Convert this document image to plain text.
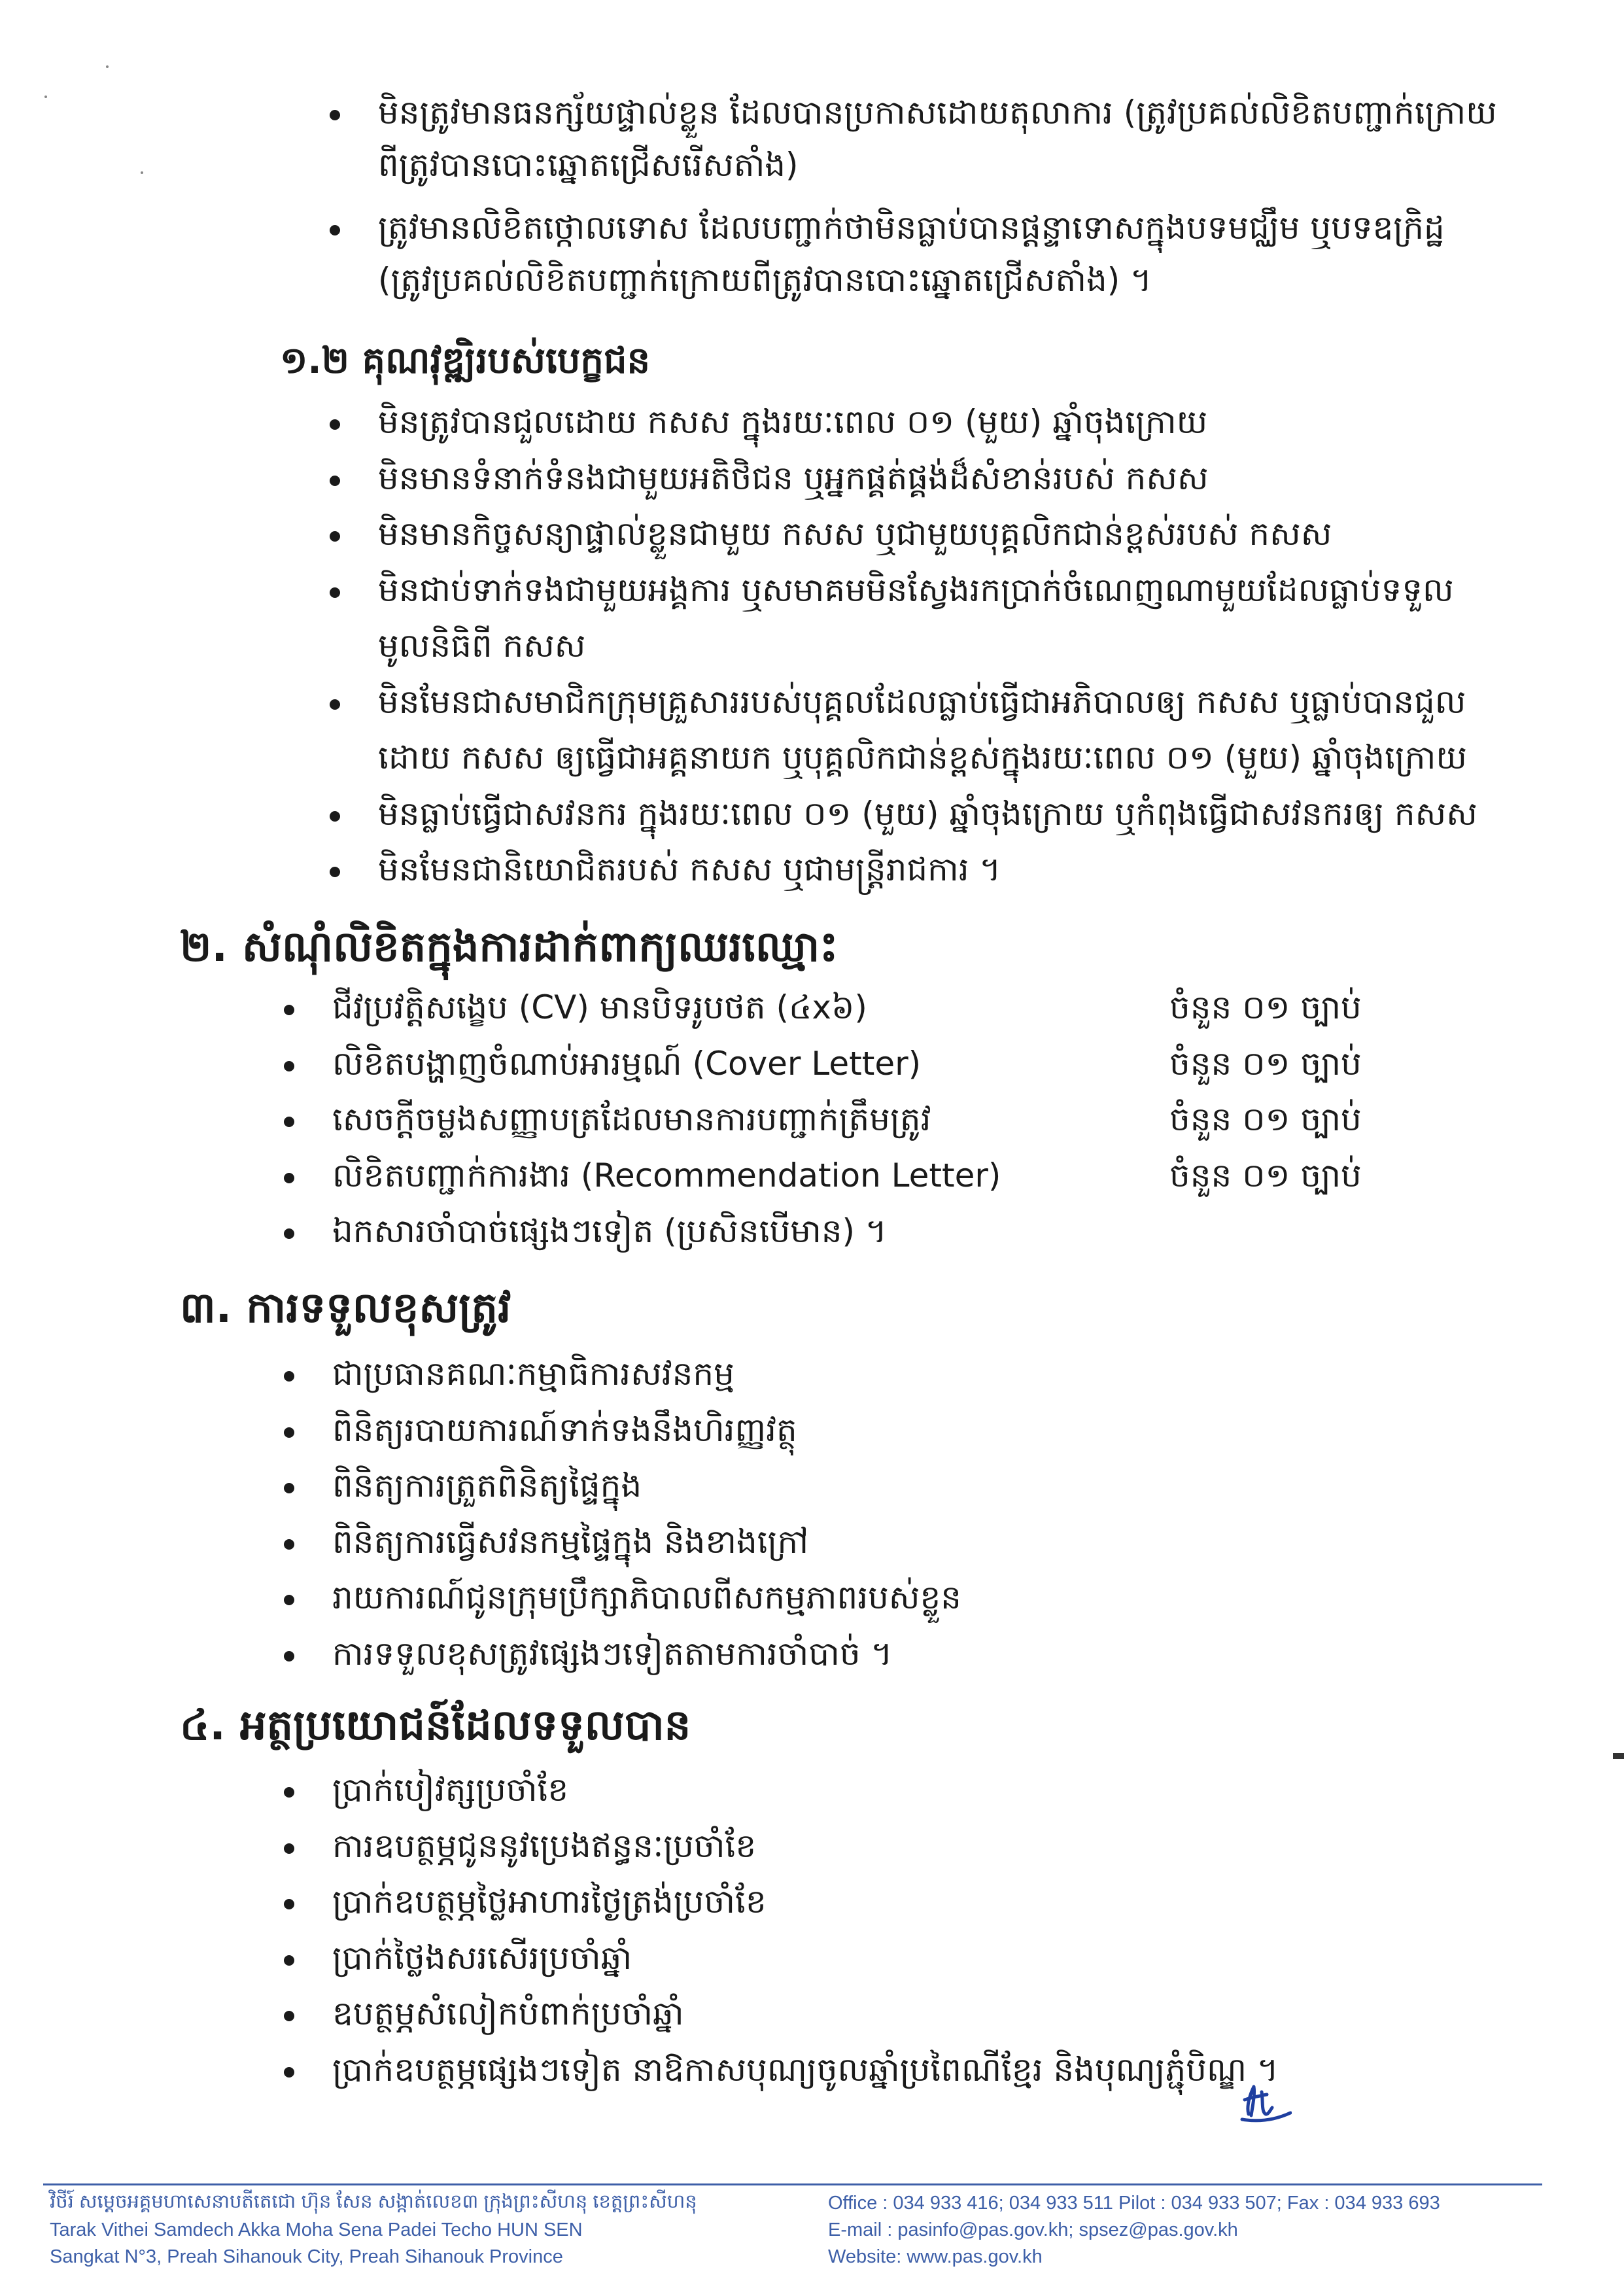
មិនត្រូវមានធនក្ស័យផ្ទាល់ខ្លួន ដែលបានប្រកាសដោយតុលាការ (ត្រូវប្រគល់លិខិតបញ្ជាក់ក្រោយ
ពីត្រូវបានបោះឆ្នោតជ្រើសរើសតាំង)
ត្រូវមានលិខិតថ្កោលទោស ដែលបញ្ជាក់ថាមិនធ្លាប់បានផ្តន្ទាទោសក្នុងបទមជ្ឈឹម ឬបទឧក្រិដ្ឋ
(ត្រូវប្រគល់លិខិតបញ្ជាក់ក្រោយពីត្រូវបានបោះឆ្នោតជ្រើសតាំង) ។
១.២ គុណវុឌ្ឍិរបស់បេក្ខជន
មិនត្រូវបានជួលដោយ កសស ក្នុងរយៈពេល ០១ (មួយ) ឆ្នាំចុងក្រោយ
មិនមានទំនាក់ទំនងជាមួយអតិថិជន ឬអ្នកផ្គត់ផ្គង់ដ៏សំខាន់របស់ កសស
មិនមានកិច្ចសន្យាផ្ទាល់ខ្លួនជាមួយ កសស ឬជាមួយបុគ្គលិកជាន់ខ្ពស់របស់ កសស
មិនជាប់ទាក់ទងជាមួយអង្គការ ឬសមាគមមិនស្វែងរកប្រាក់ចំណេញណាមួយដែលធ្លាប់ទទួល
មូលនិធិពី កសស
មិនមែនជាសមាជិកក្រុមគ្រួសាររបស់បុគ្គលដែលធ្លាប់ធ្វើជាអភិបាលឲ្យ កសស ឬធ្លាប់បានជួល
ដោយ កសស ឲ្យធ្វើជាអគ្គនាយក ឬបុគ្គលិកជាន់ខ្ពស់ក្នុងរយៈពេល ០១ (មួយ) ឆ្នាំចុងក្រោយ
មិនធ្លាប់ធ្វើជាសវនករ ក្នុងរយៈពេល ០១ (មួយ) ឆ្នាំចុងក្រោយ ឬកំពុងធ្វើជាសវនករឲ្យ កសស
មិនមែនជានិយោជិតរបស់ កសស ឬជាមន្ត្រីរាជការ ។
២. សំណុំលិខិតក្នុងការដាក់ពាក្យឈរឈ្មោះ
ជីវប្រវត្តិសង្ខេប (CV) មានបិទរូបថត (៤x៦)	ចំនួន ០១ ច្បាប់
លិខិតបង្ហាញចំណាប់អារម្មណ៍ (Cover Letter)	ចំនួន ០១ ច្បាប់
សេចក្តីចម្លងសញ្ញាបត្រដែលមានការបញ្ជាក់ត្រឹមត្រូវ	ចំនួន ០១ ច្បាប់
លិខិតបញ្ជាក់ការងារ (Recommendation Letter)	ចំនួន ០១ ច្បាប់
ឯកសារចាំបាច់ផ្សេងៗទៀត (ប្រសិនបើមាន) ។
៣. ការទទួលខុសត្រូវ
ជាប្រធានគណៈកម្មាធិការសវនកម្ម
ពិនិត្យរបាយការណ៍ទាក់ទងនឹងហិរញ្ញវត្ថុ
ពិនិត្យការត្រួតពិនិត្យផ្ទៃក្នុង
ពិនិត្យការធ្វើសវនកម្មផ្ទៃក្នុង និងខាងក្រៅ
រាយការណ៍ជូនក្រុមប្រឹក្សាភិបាលពីសកម្មភាពរបស់ខ្លួន
ការទទួលខុសត្រូវផ្សេងៗទៀតតាមការចាំបាច់ ។
៤. អត្ថប្រយោជន៍ដែលទទួលបាន
ប្រាក់បៀវត្សប្រចាំខែ
ការឧបត្ថម្ភជូននូវប្រេងឥន្ធនៈប្រចាំខែ
ប្រាក់ឧបត្ថម្ភថ្លៃអាហារថ្ងៃត្រង់ប្រចាំខែ
ប្រាក់ថ្លៃងសរសើរប្រចាំឆ្នាំ
ឧបត្ថម្ភសំលៀកបំពាក់ប្រចាំឆ្នាំ
ប្រាក់ឧបត្ថម្ភផ្សេងៗទៀត នាឱកាសបុណ្យចូលឆ្នាំប្រពៃណីខ្មែរ និងបុណ្យភ្ជុំបិណ្ឌ ។
វិថីរ៍ សម្តេចអគ្គមហាសេនាបតីតេជោ ហ៊ុន សែន សង្កាត់លេខ៣ ក្រុងព្រះសីហនុ ខេត្តព្រះសីហនុ
Tarak Vithei Samdech Akka Moha Sena Padei Techo HUN SEN
Sangkat N°3, Preah Sihanouk City, Preah Sihanouk Province
Office : 034 933 416; 034 933 511 Pilot : 034 933 507; Fax : 034 933 693
E-mail : pasinfo@pas.gov.kh; spsez@pas.gov.kh
Website: www.pas.gov.kh
